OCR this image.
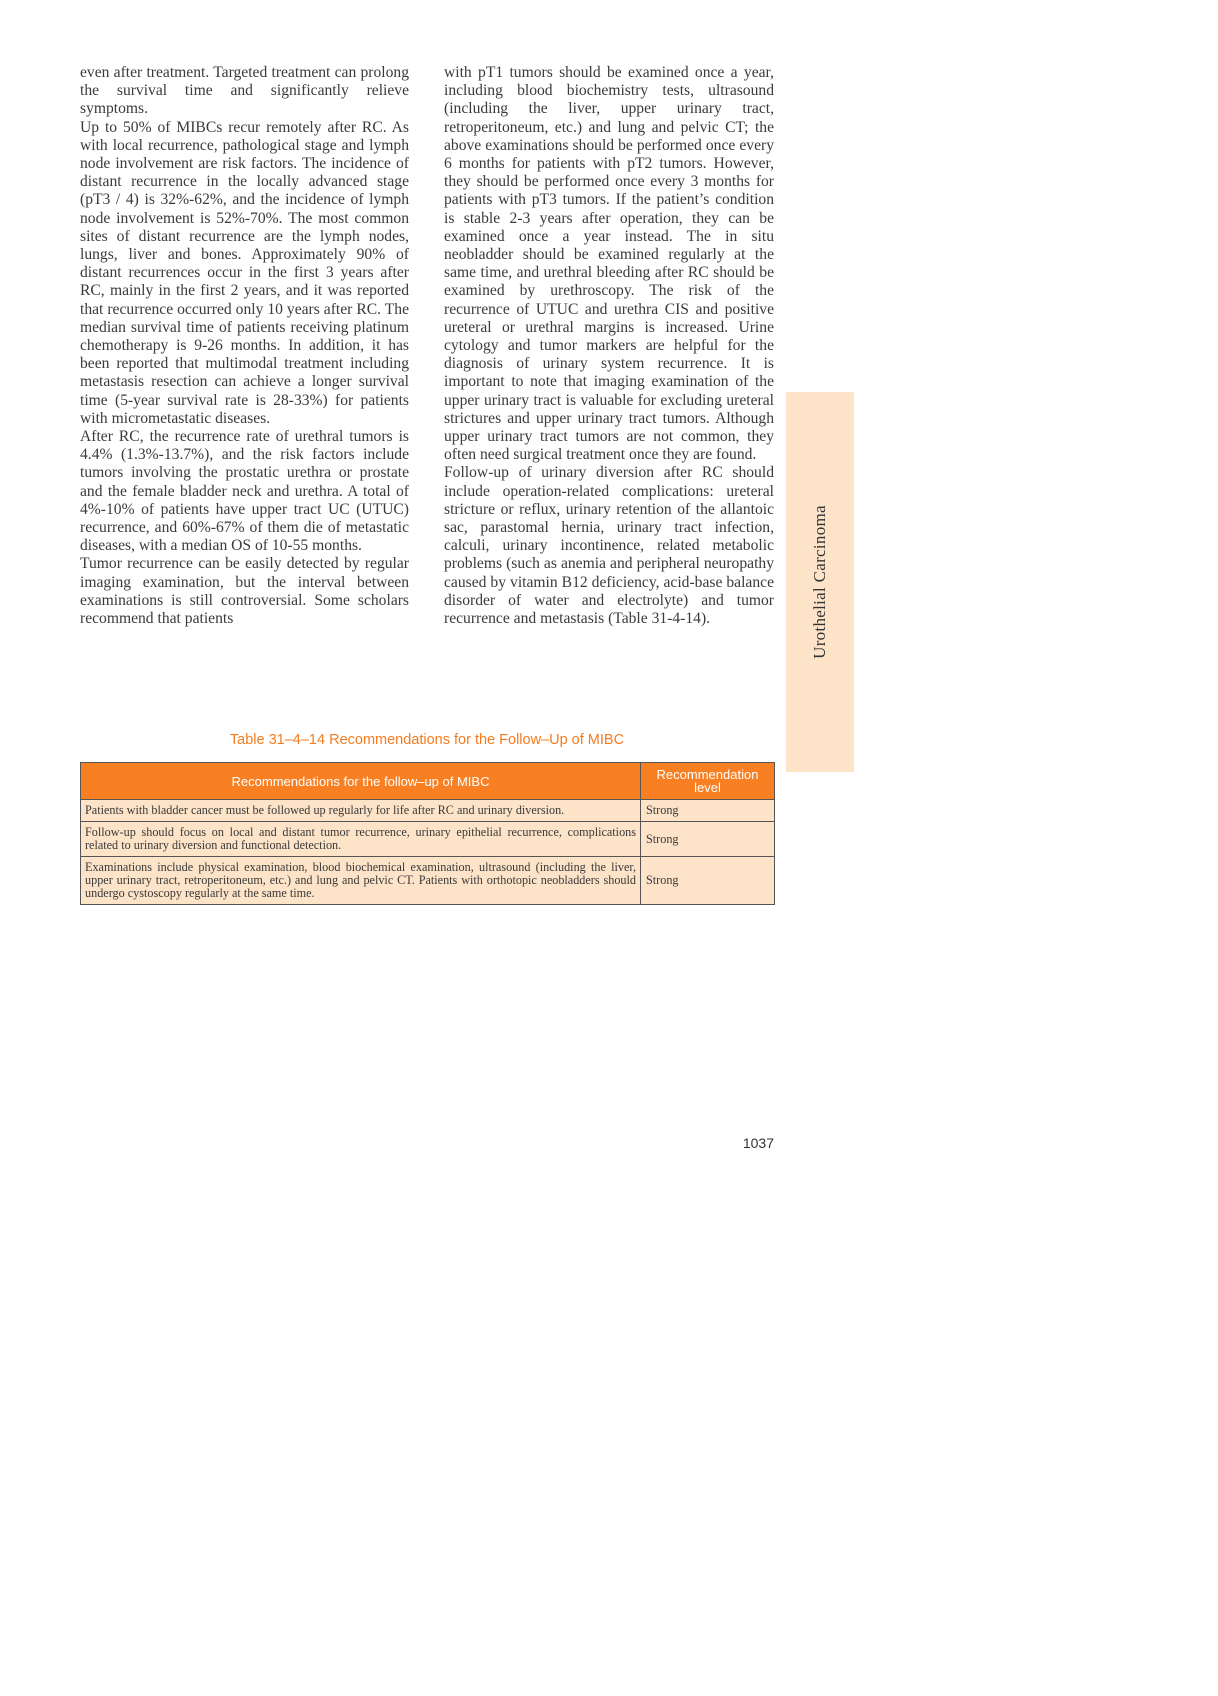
even after treatment. Targeted treatment can prolong the survival time and significantly relieve symptoms.

Up to 50% of MIBCs recur remotely after RC. As with local recurrence, pathological stage and lymph node involvement are risk factors. The incidence of distant recurrence in the locally advanced stage (pT3 / 4) is 32%-62%, and the incidence of lymph node involvement is 52%-70%. The most common sites of distant recurrence are the lymph nodes, lungs, liver and bones. Approximately 90% of distant recurrences occur in the first 3 years after RC, mainly in the first 2 years, and it was reported that recurrence occurred only 10 years after RC. The median survival time of patients receiving platinum chemotherapy is 9-26 months. In addition, it has been reported that multimodal treatment including metastasis resection can achieve a longer survival time (5-year survival rate is 28-33%) for patients with micrometastatic diseases.

After RC, the recurrence rate of urethral tumors is 4.4% (1.3%-13.7%), and the risk factors include tumors involving the prostatic urethra or prostate and the female bladder neck and urethra. A total of 4%-10% of patients have upper tract UC (UTUC) recurrence, and 60%-67% of them die of metastatic diseases, with a median OS of 10-55 months.

Tumor recurrence can be easily detected by regular imaging examination, but the interval between examinations is still controversial. Some scholars recommend that patients

with pT1 tumors should be examined once a year, including blood biochemistry tests, ultrasound (including the liver, upper urinary tract, retroperitoneum, etc.) and lung and pelvic CT; the above examinations should be performed once every 6 months for patients with pT2 tumors. However, they should be performed once every 3 months for patients with pT3 tumors. If the patient’s condition is stable 2-3 years after operation, they can be examined once a year instead. The in situ neobladder should be examined regularly at the same time, and urethral bleeding after RC should be examined by urethroscopy. The risk of the recurrence of UTUC and urethra CIS and positive ureteral or urethral margins is increased. Urine cytology and tumor markers are helpful for the diagnosis of urinary system recurrence. It is important to note that imaging examination of the upper urinary tract is valuable for excluding ureteral strictures and upper urinary tract tumors. Although upper urinary tract tumors are not common, they often need surgical treatment once they are found.

Follow-up of urinary diversion after RC should include operation-related complications: ureteral stricture or reflux, urinary retention of the allantoic sac, parastomal hernia, urinary tract infection, calculi, urinary incontinence, related metabolic problems (such as anemia and peripheral neuropathy caused by vitamin B12 deficiency, acid-base balance disorder of water and electrolyte) and tumor recurrence and metastasis (Table 31-4-14).	Urothelial Carcinoma
Table 31–4–14 Recommendations for the Follow–Up of MIBC
Recommendations for the follow–up of MIBC	Recommendation level
Patients with bladder cancer must be followed up regularly for life after RC and urinary diversion.	Strong
Follow-up should focus on local and distant tumor recurrence, urinary epithelial recurrence, complications related to urinary diversion and functional detection.	Strong
Examinations include physical examination, blood biochemical examination, ultrasound (including the liver, upper urinary tract, retroperitoneum, etc.) and lung and pelvic CT. Patients with orthotopic neobladders should undergo cystoscopy regularly at the same time.	Strong
1037
